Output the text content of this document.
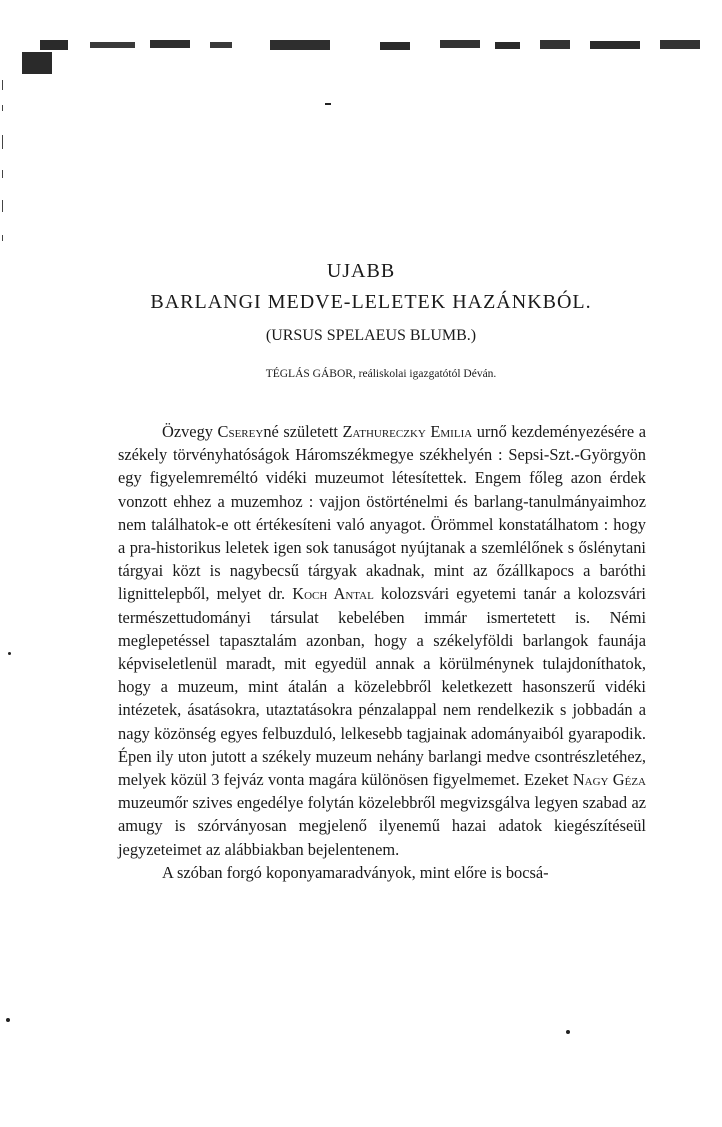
UJABB

BARLANGI MEDVE-LELETEK HAZÁNKBÓL.

(URSUS SPELAEUS BLUMB.)

TÉGLÁS GÁBOR, reáliskolai igazgatótól Déván.

Özvegy Csereyné született Zathureczky Emilia urnő kezdeményezésére a székely törvényhatóságok Háromszékmegye székhelyén : Sepsi-Szt.-Györgyön egy figyelemreméltó vidéki muzeumot létesítettek. Engem főleg azon érdek vonzott ehhez a muzemhoz : vajjon östörténelmi és barlang-tanulmányaimhoz nem találhatok-e ott értékesíteni való anyagot. Örömmel konstatálhatom : hogy a pra-historikus leletek igen sok tanuságot nyújtanak a szemlélőnek s őslénytani tárgyai közt is nagybecsű tárgyak akadnak, mint az őzállkapocs a baróthi lignittelepből, melyet dr. Koch Antal kolozsvári egyetemi tanár a kolozsvári természettudományi társulat kebelében immár ismertetett is. Némi meglepetéssel tapasztalám azonban, hogy a székelyföldi barlangok faunája képviseletlenül maradt, mit egyedül annak a körülménynek tulajdoníthatok, hogy a muzeum, mint átalán a közelebbről keletkezett hasonszerű vidéki intézetek, ásatásokra, utaztatásokra pénzalappal nem rendelkezik s jobbadán a nagy közönség egyes felbuzduló, lelkesebb tagjainak adományaiból gyarapodik. Épen ily uton jutott a székely muzeum nehány barlangi medve csontrészletéhez, melyek közül 3 fejváz vonta magára különösen figyelmemet. Ezeket Nagy Géza muzeumőr szives engedélye folytán közelebbről megvizsgálva legyen szabad az amugy is szórványosan megjelenő ilyenemű hazai adatok kiegészítéseül jegyzeteimet az alábbiakban bejelentenem.

A szóban forgó koponyamaradványok, mint előre is bocsá-
